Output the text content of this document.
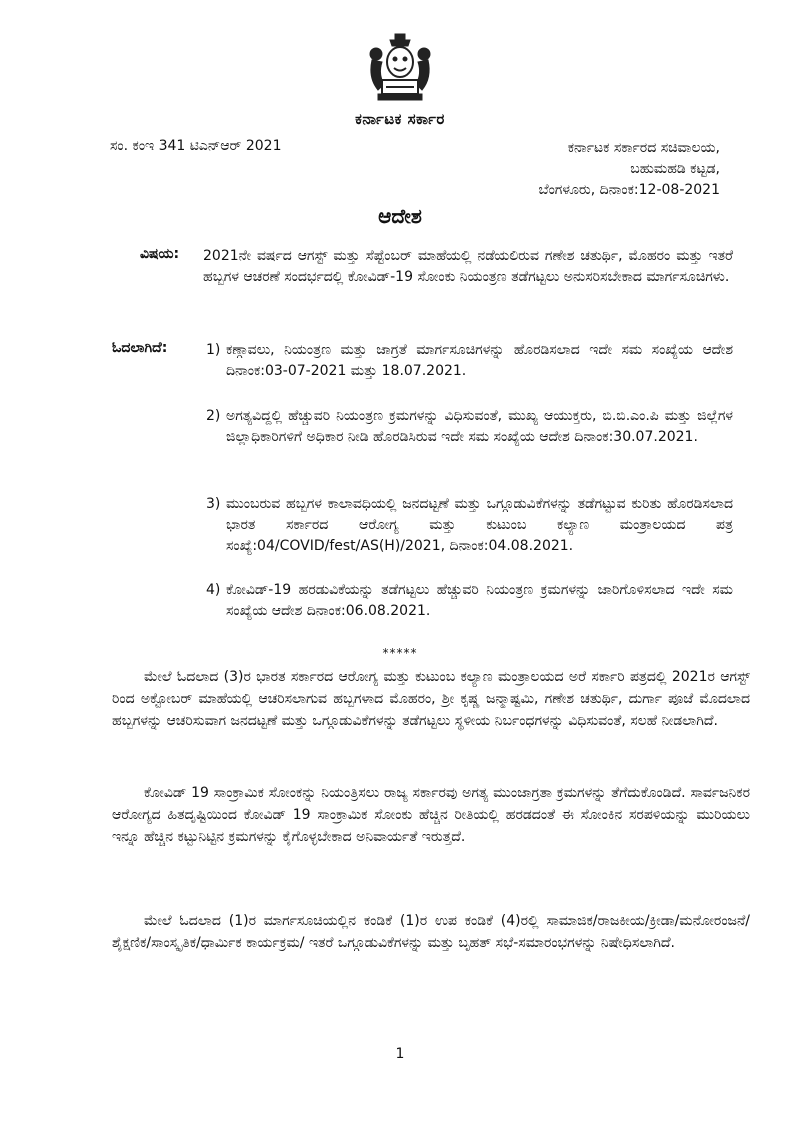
ಕರ್ನಾಟಕ ಸರ್ಕಾರ
ಸಂ. ಕಂಇ 341 ಟಿಎನ್ಆರ್ 2021	ಕರ್ನಾಟಕ ಸರ್ಕಾರದ ಸಚಿವಾಲಯ,
ಬಹುಮಹಡಿ ಕಟ್ಟಡ,
ಬೆಂಗಳೂರು, ದಿನಾಂಕ:12-08-2021
ಆದೇಶ
ವಿಷಯ: 2021ನೇ ವರ್ಷದ ಆಗಸ್ಟ್ ಮತ್ತು ಸೆಪ್ಟೆಂಬರ್ ಮಾಹೆಯಲ್ಲಿ ನಡೆಯಲಿರುವ ಗಣೇಶ ಚತುರ್ಥಿ, ಮೊಹರಂ ಮತ್ತು ಇತರೆ ಹಬ್ಬಗಳ ಆಚರಣೆ ಸಂದರ್ಭದಲ್ಲಿ ಕೋವಿಡ್-19 ಸೋಂಕು ನಿಯಂತ್ರಣ ತಡೆಗಟ್ಟಲು ಅನುಸರಿಸಬೇಕಾದ ಮಾರ್ಗಸೂಚಿಗಳು.
ಓದಲಾಗಿದೆ:	1) ಕಣ್ಗಾವಲು, ನಿಯಂತ್ರಣ ಮತ್ತು ಜಾಗ್ರತೆ ಮಾರ್ಗಸೂಚಿಗಳನ್ನು ಹೊರಡಿಸಲಾದ ಇದೇ ಸಮ ಸಂಖ್ಯೆಯ ಆದೇಶ ದಿನಾಂಕ:03-07-2021 ಮತ್ತು 18.07.2021.
2) ಅಗತ್ಯವಿದ್ದಲ್ಲಿ ಹೆಚ್ಚುವರಿ ನಿಯಂತ್ರಣ ಕ್ರಮಗಳನ್ನು ವಿಧಿಸುವಂತೆ, ಮುಖ್ಯ ಆಯುಕ್ತರು, ಬಿ.ಬಿ.ಎಂ.ಪಿ ಮತ್ತು ಜಿಲ್ಲೆಗಳ ಜಿಲ್ಲಾಧಿಕಾರಿಗಳಿಗೆ ಅಧಿಕಾರ ನೀಡಿ ಹೊರಡಿಸಿರುವ ಇದೇ ಸಮ ಸಂಖ್ಯೆಯ ಆದೇಶ ದಿನಾಂಕ:30.07.2021.
3) ಮುಂಬರುವ ಹಬ್ಬಗಳ ಕಾಲಾವಧಿಯಲ್ಲಿ ಜನದಟ್ಟಣೆ ಮತ್ತು ಒಗ್ಗೂಡುವಿಕೆಗಳನ್ನು ತಡೆಗಟ್ಟುವ ಕುರಿತು ಹೊರಡಿಸಲಾದ ಭಾರತ ಸರ್ಕಾರದ ಆರೋಗ್ಯ ಮತ್ತು ಕುಟುಂಬ ಕಲ್ಯಾಣ ಮಂತ್ರಾಲಯದ ಪತ್ರ ಸಂಖ್ಯೆ:04/COVID/fest/AS(H)/2021, ದಿನಾಂಕ:04.08.2021.
4) ಕೋವಿಡ್-19 ಹರಡುವಿಕೆಯನ್ನು ತಡೆಗಟ್ಟಲು ಹೆಚ್ಚುವರಿ ನಿಯಂತ್ರಣ ಕ್ರಮಗಳನ್ನು ಜಾರಿಗೊಳಿಸಲಾದ ಇದೇ ಸಮ ಸಂಖ್ಯೆಯ ಆದೇಶ ದಿನಾಂಕ:06.08.2021.
*****
ಮೇಲೆ ಓದಲಾದ (3)ರ ಭಾರತ ಸರ್ಕಾರದ ಆರೋಗ್ಯ ಮತ್ತು ಕುಟುಂಬ ಕಲ್ಯಾಣ ಮಂತ್ರಾಲಯದ ಅರೆ ಸರ್ಕಾರಿ ಪತ್ರದಲ್ಲಿ 2021ರ ಆಗಸ್ಟ್ ರಿಂದ ಅಕ್ಟೋಬರ್ ಮಾಹೆಯಲ್ಲಿ ಆಚರಿಸಲಾಗುವ ಹಬ್ಬಗಳಾದ ಮೊಹರಂ, ಶ್ರೀ ಕೃಷ್ಣ ಜನ್ಮಾಷ್ಟಮಿ, ಗಣೇಶ ಚತುರ್ಥಿ, ದುರ್ಗಾ ಪೂಜೆ ಮೊದಲಾದ ಹಬ್ಬಗಳನ್ನು ಆಚರಿಸುವಾಗ ಜನದಟ್ಟಣೆ ಮತ್ತು ಒಗ್ಗೂಡುವಿಕೆಗಳನ್ನು ತಡೆಗಟ್ಟಲು ಸ್ಥಳೀಯ ನಿರ್ಬಂಧಗಳನ್ನು ವಿಧಿಸುವಂತೆ, ಸಲಹೆ ನೀಡಲಾಗಿದೆ.
ಕೋವಿಡ್ 19 ಸಾಂಕ್ರಾಮಿಕ ಸೋಂಕನ್ನು ನಿಯಂತ್ರಿಸಲು ರಾಜ್ಯ ಸರ್ಕಾರವು ಅಗತ್ಯ ಮುಂಜಾಗ್ರತಾ ಕ್ರಮಗಳನ್ನು ತೆಗೆದುಕೊಂಡಿದೆ. ಸಾರ್ವಜನಿಕರ ಆರೋಗ್ಯದ ಹಿತದೃಷ್ಟಿಯಿಂದ ಕೋವಿಡ್ 19 ಸಾಂಕ್ರಾಮಿಕ ಸೋಂಕು ಹೆಚ್ಚಿನ ರೀತಿಯಲ್ಲಿ ಹರಡದಂತೆ ಈ ಸೋಂಕಿನ ಸರಪಳಿಯನ್ನು ಮುರಿಯಲು ಇನ್ನೂ ಹೆಚ್ಚಿನ ಕಟ್ಟುನಿಟ್ಟಿನ ಕ್ರಮಗಳನ್ನು ಕೈಗೊಳ್ಳಬೇಕಾದ ಅನಿವಾರ್ಯತೆ ಇರುತ್ತದೆ.
ಮೇಲೆ ಓದಲಾದ (1)ರ ಮಾರ್ಗಸೂಚಿಯಲ್ಲಿನ ಕಂಡಿಕೆ (1)ರ ಉಪ ಕಂಡಿಕೆ (4)ರಲ್ಲಿ ಸಾಮಾಜಿಕ/ರಾಜಕೀಯ/ಕ್ರೀಡಾ/ಮನೋರಂಜನೆ/ಶೈಕ್ಷಣಿಕ/ಸಾಂಸ್ಕೃತಿಕ/ಧಾರ್ಮಿಕ ಕಾರ್ಯಕ್ರಮ/ ಇತರೆ ಒಗ್ಗೂಡುವಿಕೆಗಳನ್ನು ಮತ್ತು ಬೃಹತ್ ಸಭೆ-ಸಮಾರಂಭಗಳನ್ನು ನಿಷೇಧಿಸಲಾಗಿದೆ.
1
